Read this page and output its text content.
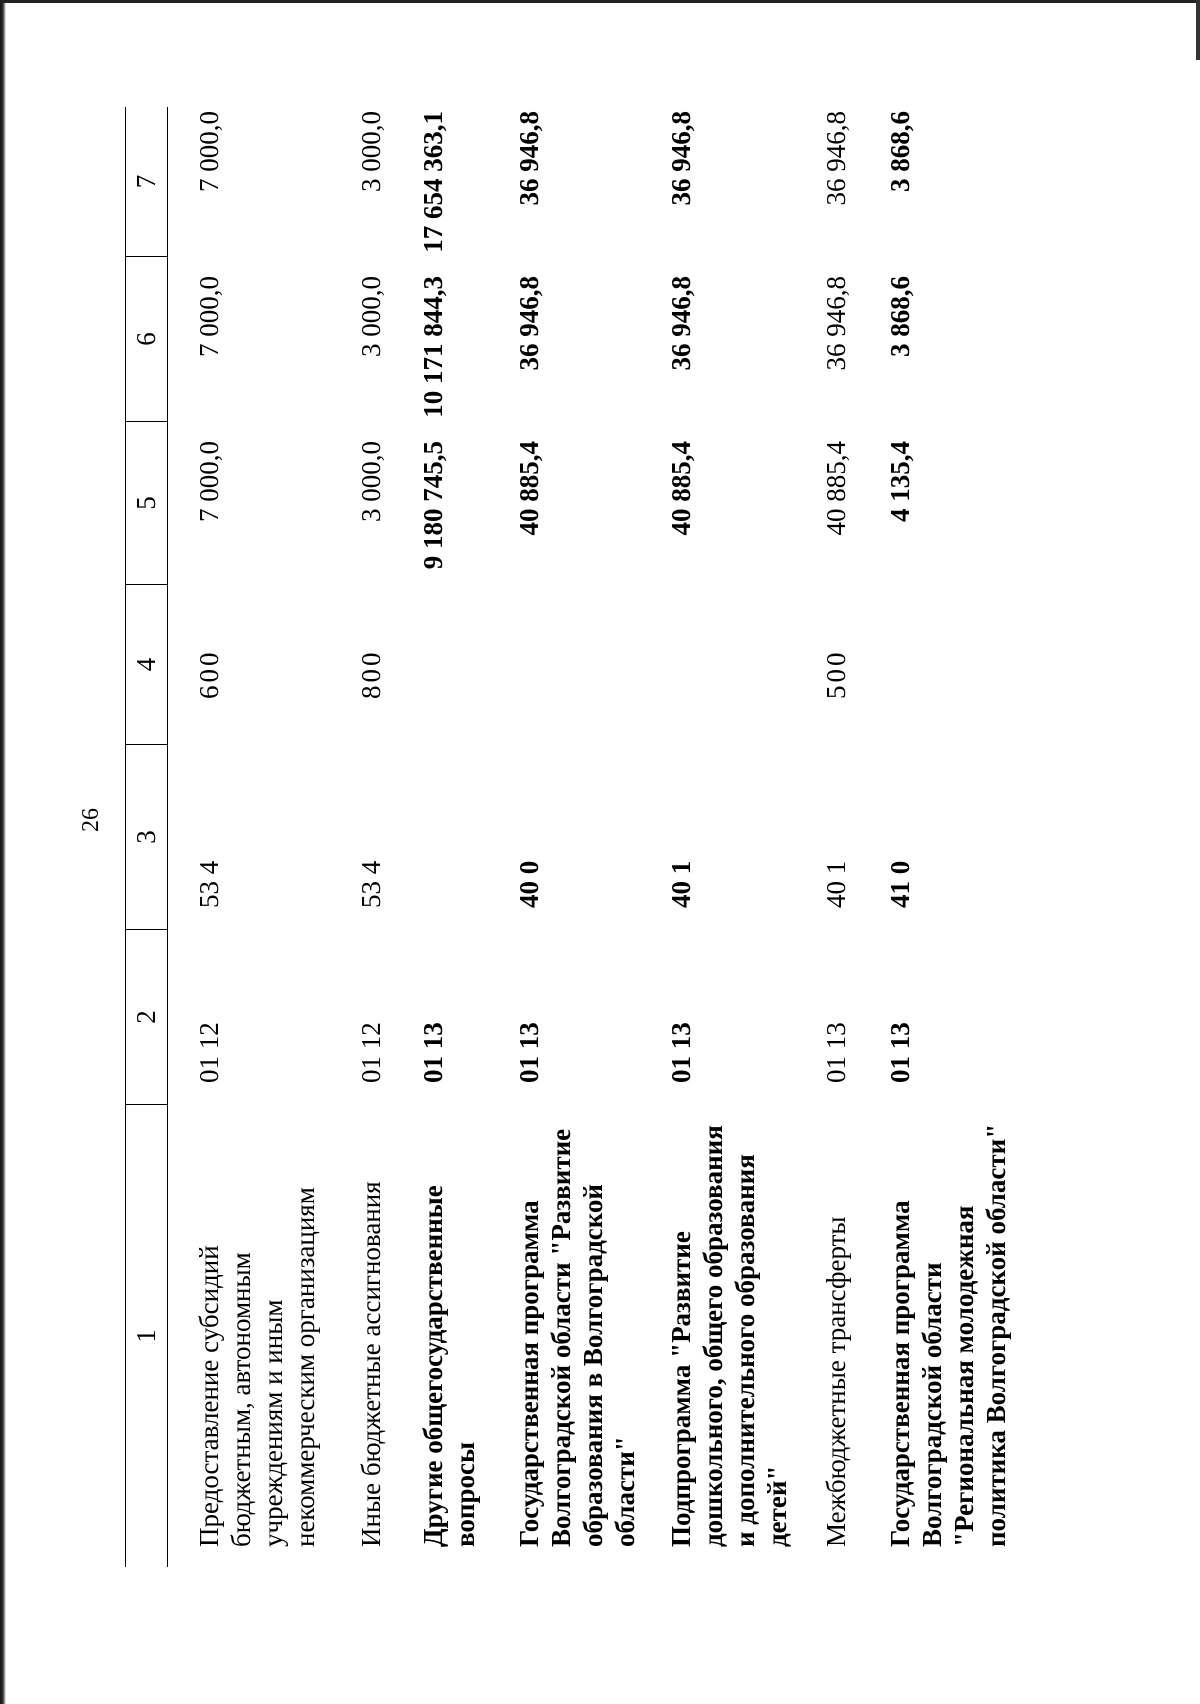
26
1
2
3
4
5
6
7
Предоставление субсидий бюджетным, автономным учреждениям и иным некоммерческим организациям
01 12
53 4
600
7 000,0
7 000,0
7 000,0
Иные бюджетные ассигнования
01 12
53 4
800
3 000,0
3 000,0
3 000,0
Другие общегосударственные вопросы
01 13
9 180 745,5
10 171 844,3
17 654 363,1
Государственная программа Волгоградской области "Развитие образования в Волгоградской области"
01 13
40 0
40 885,4
36 946,8
36 946,8
Подпрограмма "Развитие дошкольного, общего образования и дополнительного образования детей"
01 13
40 1
40 885,4
36 946,8
36 946,8
Межбюджетные трансферты
01 13
40 1
500
40 885,4
36 946,8
36 946,8
Государственная программа Волгоградской области "Региональная молодежная политика Волгоградской области"
01 13
41 0
4 135,4
3 868,6
3 868,6
